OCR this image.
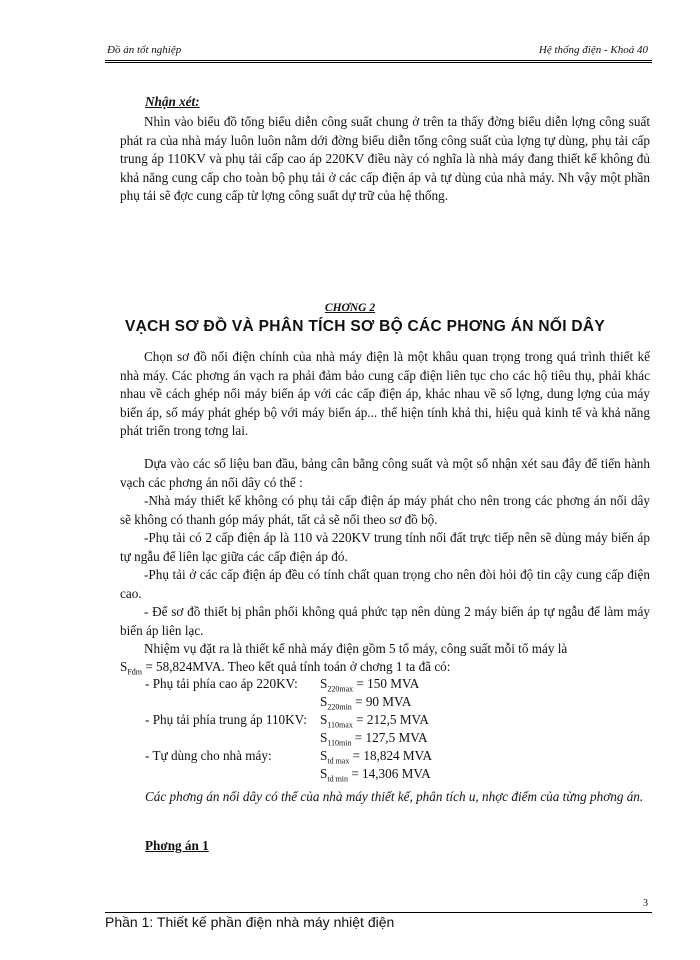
Đồ án tốt nghiệp	Hệ thống điện - Khoá 40

Nhận xét:

Nhìn vào biểu đồ tổng biểu diễn công suất chung ở trên ta thấy đờng biểu diễn lợng công suất phát ra của nhà máy luôn luôn nằm dới đờng biểu diễn tổng công suất của lợng tự dùng, phụ tải cấp trung áp 110KV và phụ tải cấp cao áp 220KV điều này có nghĩa là nhà máy đang thiết kế không đủ khả năng cung cấp cho toàn bộ phụ tải ở các cấp điện áp và tự dùng của nhà máy. Nh vậy một phần phụ tải sẽ đợc cung cấp từ lợng công suất dự trữ của hệ thống.

CHƠNG 2
VẠCH SƠ ĐỒ VÀ PHÂN TÍCH SƠ BỘ CÁC PHƠNG ÁN NỐI DÂY

Chọn sơ đồ nối điện chính của nhà máy điện là một khâu quan trọng trong quá trình thiết kế nhà máy. Các phơng án vạch ra phải đảm bảo cung cấp điện liên tục cho các hộ tiêu thụ, phải khác nhau về cách ghép nối máy biến áp với các cấp điện áp, khác nhau về số lợng, dung lợng của máy biến áp, số máy phát ghép bộ với máy biến áp... thể hiện tính khả thi, hiệu quả kinh tế và khả năng phát triển trong tơng lai.

Dựa vào các số liệu ban đầu, bảng cân bằng công suất và một số nhận xét sau đây để tiến hành vạch các phơng án nối dây có thể :

-Nhà máy thiết kế không có phụ tải cấp điện áp máy phát cho nên trong các phơng án nối dây sẽ không có thanh góp máy phát, tất cả sẽ nối theo sơ đồ bộ.

-Phụ tải có 2 cấp điện áp là 110 và 220KV trung tính nối đất trực tiếp nên sẽ dùng máy biến áp tự ngẫu để liên lạc giữa các cấp điện áp đó.

-Phụ tải ở các cấp điện áp đều có tính chất quan trọng cho nên đòi hỏi độ tin cậy cung cấp điện cao.

- Để sơ đồ thiết bị phân phối không quá phức tạp nên dùng 2 máy biến áp tự ngẫu để làm máy biến áp liên lạc.

Nhiệm vụ đặt ra là thiết kế nhà máy điện gồm 5 tổ máy, công suất mỗi tổ máy là

$S_{Fđm} = 58,824MVA$. Theo kết quả tính toán ở chơng 1 ta đã có:

- Phụ tải phía cao áp 220KV: $S_{220max} = 150$ MVA
$S_{220min} = 90$ MVA
- Phụ tải phía trung áp 110KV: $S_{110max} = 212,5$ MVA
$S_{110min} = 127,5$ MVA
- Tự dùng cho nhà máy:	$S_{td max} = 18,824$ MVA
$S_{td min} = 14,306$ MVA

Các phơng án nối dây có thể của nhà máy thiết kế, phân tích u, nhợc điểm của từng phơng án.

Phơng án 1
3
Phần 1: Thiết kế phần điện nhà máy nhiệt điện
